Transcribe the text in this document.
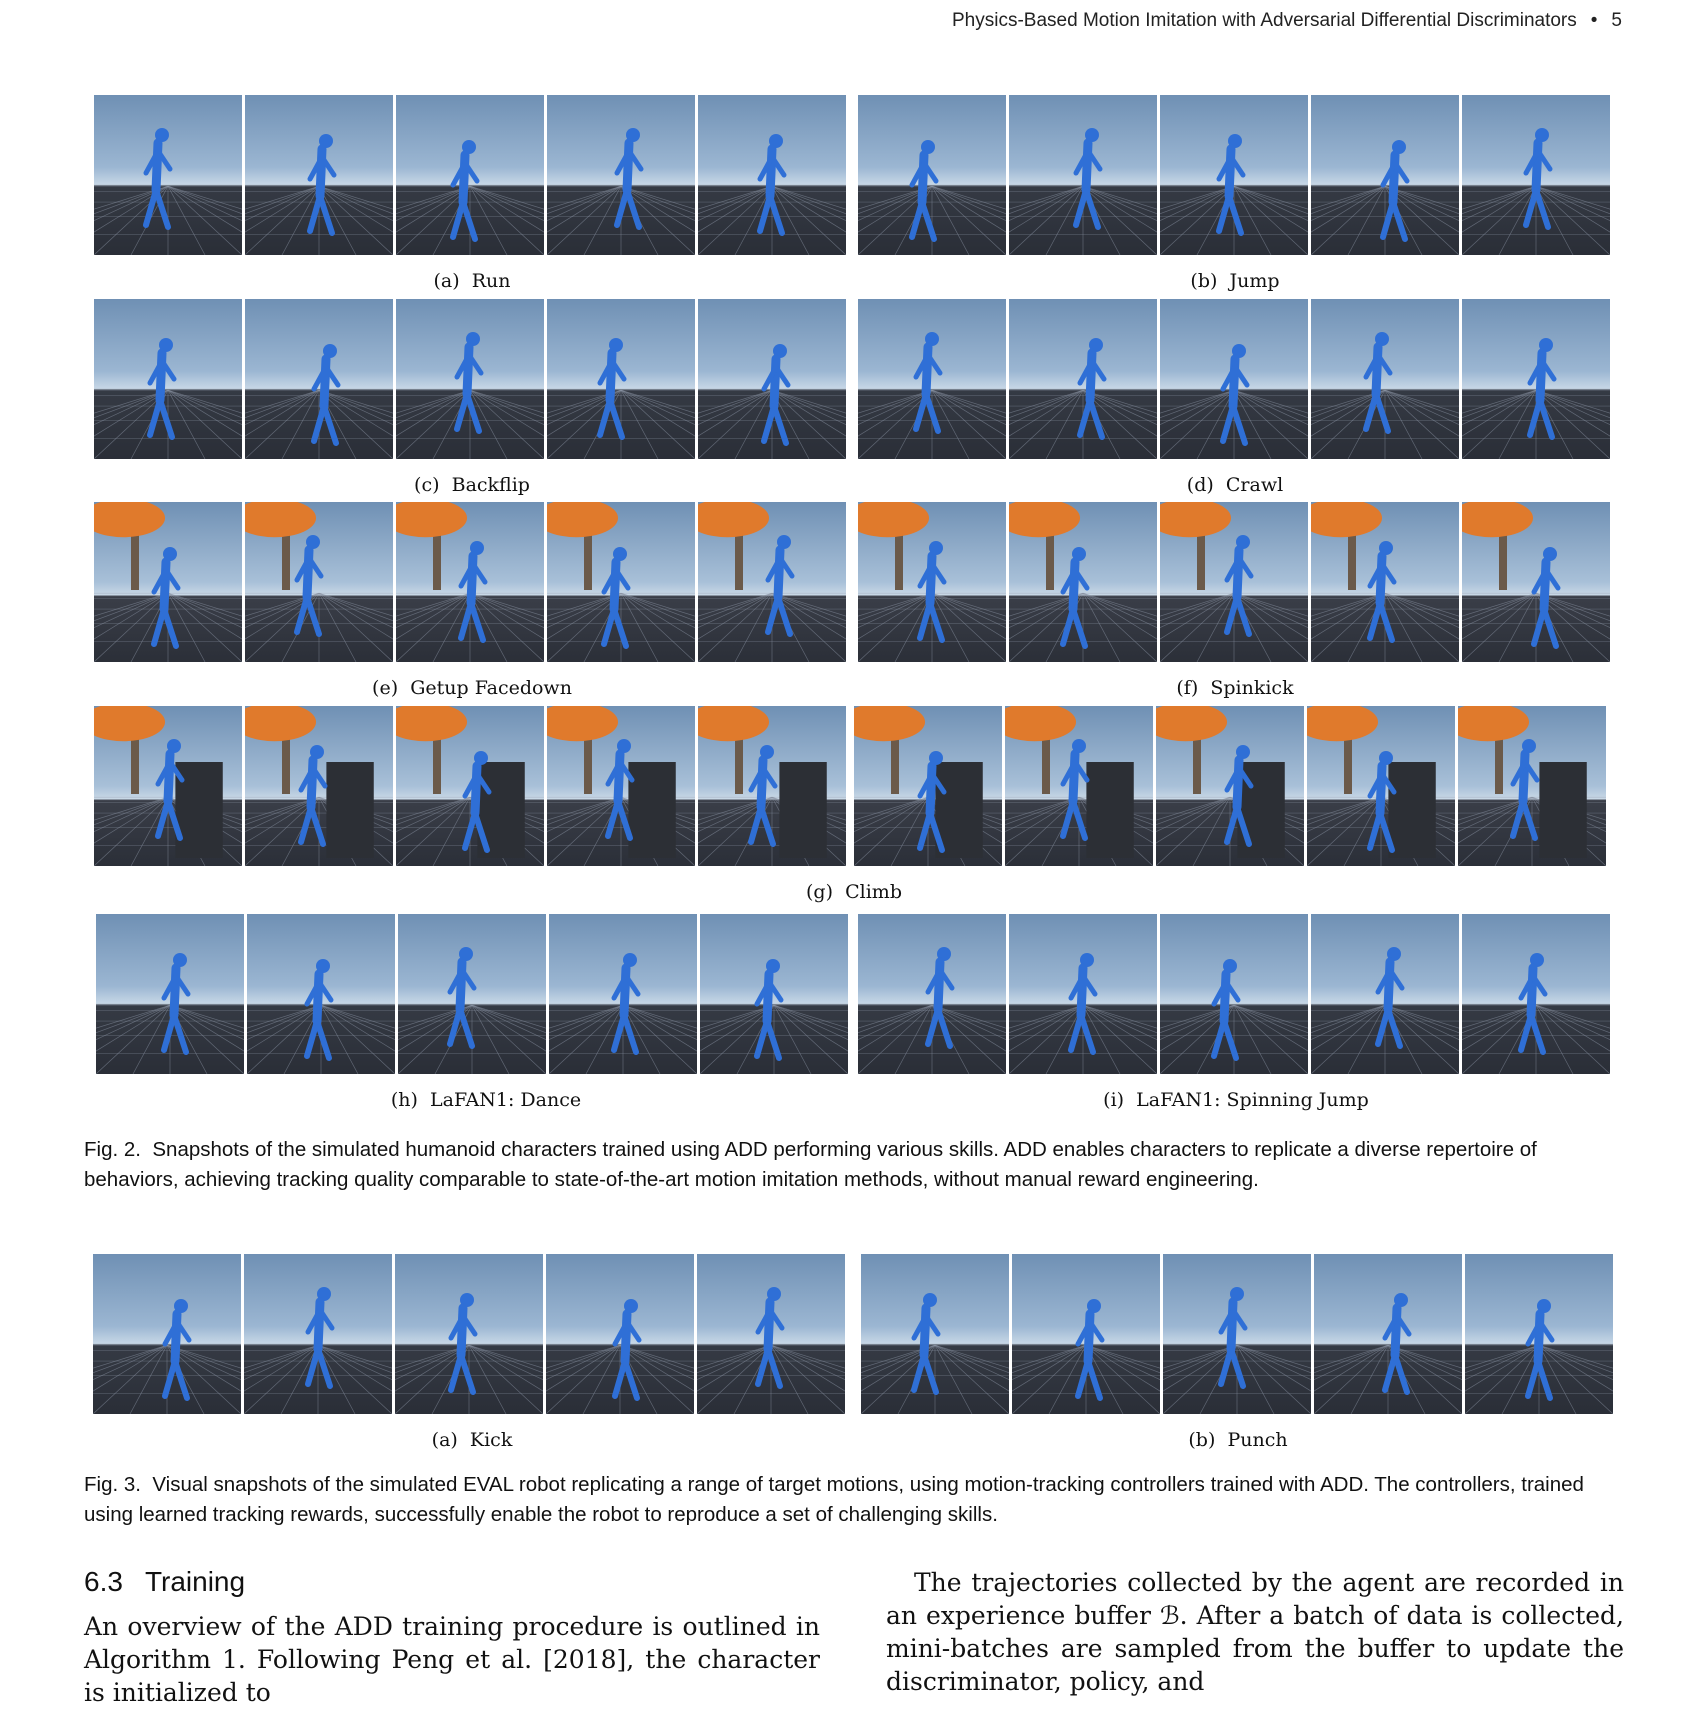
Physics-Based Motion Imitation with Adversarial Differential Discriminators • 5
(a) Run	(b) Jump
(c) Backflip	(d) Crawl
(e) Getup Facedown	(f) Spinkick
(g) Climb
(h) LaFAN1: Dance	(i) LaFAN1: Spinning Jump
Fig. 2. Snapshots of the simulated humanoid characters trained using ADD performing various skills. ADD enables characters to replicate a diverse repertoire of behaviors, achieving tracking quality comparable to state-of-the-art motion imitation methods, without manual reward engineering.
(a) Kick	(b) Punch
Fig. 3. Visual snapshots of the simulated EVAL robot replicating a range of target motions, using motion-tracking controllers trained with ADD. The controllers, trained using learned tracking rewards, successfully enable the robot to reproduce a set of challenging skills.
6.3 Training
An overview of the ADD training procedure is outlined in Algorithm 1. Following Peng et al. [2018], the character is initialized to
The trajectories collected by the agent are recorded in an experience buffer ℬ. After a batch of data is collected, mini-batches are sampled from the buffer to update the discriminator, policy, and
